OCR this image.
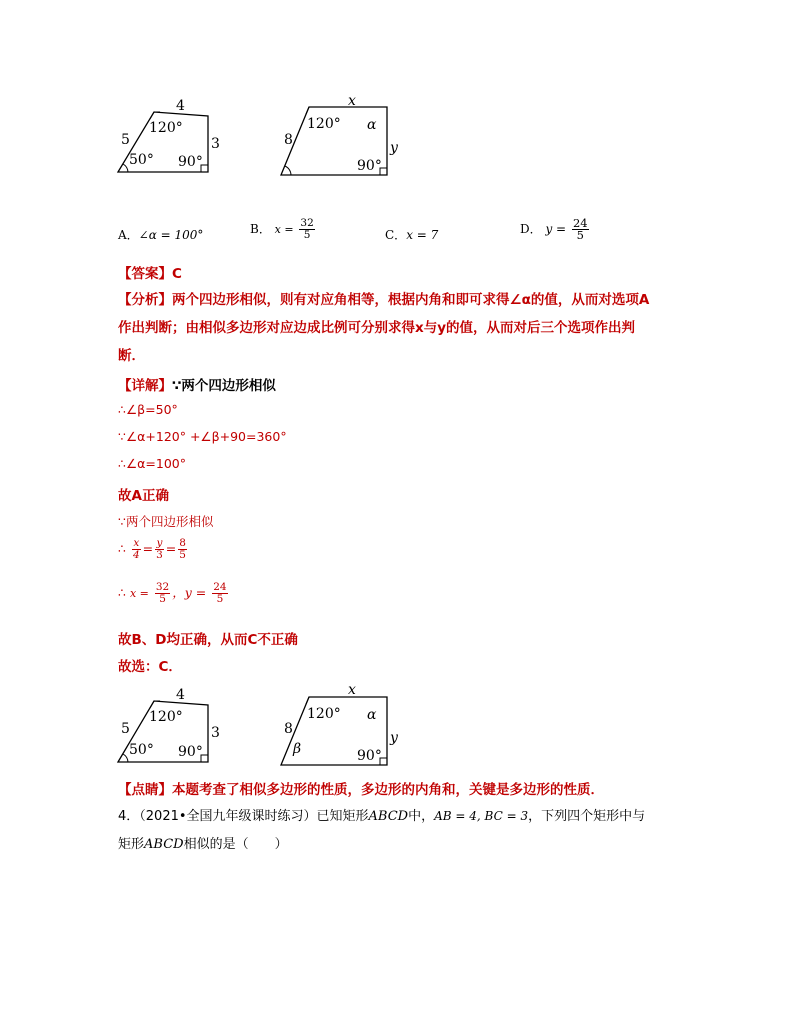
4
5	3
120°
50° 90°
x
8	y
120° α
90°
A．∠α = 100°	B． $x = \frac{32}{5}$	C．x = 7	D． $y = \frac{24}{5}$
【答案】C
【分析】两个四边形相似，则有对应角相等，根据内角和即可求得∠α的值，从而对选项A
作出判断；由相似多边形对应边成比例可分别求得x与y的值，从而对后三个选项作出判
断．
【详解】∵两个四边形相似
∴∠β=50°
∵∠α+120° +∠β+90=360°
∴∠α=100°
故A正确
∵两个四边形相似
∴ $\frac{x}{4} = \frac{y}{3} = \frac{8}{5}$
∴ $x = \frac{32}{5}$ ，$y = \frac{24}{5}$
故B、D均正确，从而C不正确
故选：C．
4
5	3
120°
50° 90°
x
8
y
120° α
β	90°
【点睛】本题考查了相似多边形的性质，多边形的内角和，关键是多边形的性质．
4．（2021•全国九年级课时练习）已知矩形ABCD中，AB = 4, BC = 3，下列四个矩形中与
矩形ABCD相似的是（　　）
